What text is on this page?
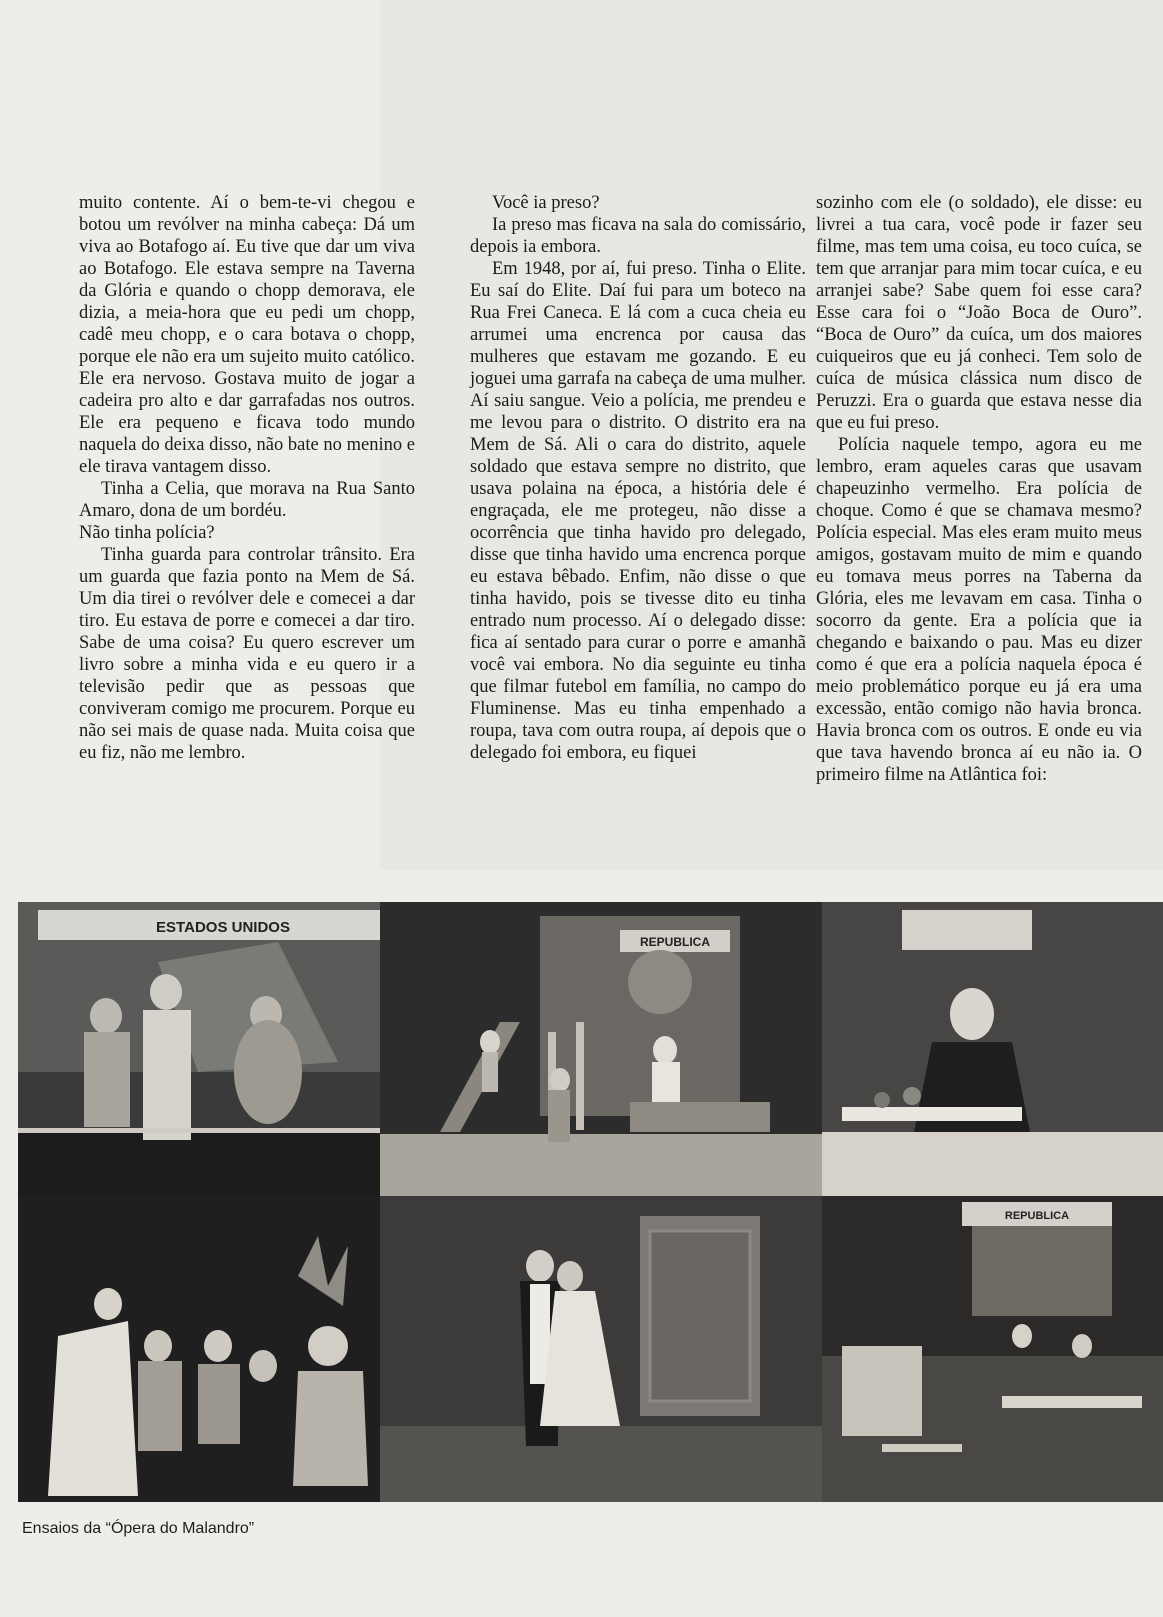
muito contente. Aí o bem-te-vi chegou e botou um revólver na minha cabeça: Dá um viva ao Botafogo aí. Eu tive que dar um viva ao Botafogo. Ele estava sempre na Taverna da Glória e quando o chopp demorava, ele dizia, a meia-hora que eu pedi um chopp, cadê meu chopp, e o cara botava o chopp, porque ele não era um sujeito muito católico. Ele era nervoso. Gostava muito de jogar a cadeira pro alto e dar garrafadas nos outros. Ele era pequeno e ficava todo mundo naquela do deixa disso, não bate no menino e ele tirava vantagem disso.

Tinha a Celia, que morava na Rua Santo Amaro, dona de um bordéu.

Não tinha polícia?

Tinha guarda para controlar trânsito. Era um guarda que fazia ponto na Mem de Sá. Um dia tirei o revólver dele e comecei a dar tiro. Eu estava de porre e comecei a dar tiro. Sabe de uma coisa? Eu quero escrever um livro sobre a minha vida e eu quero ir a televisão pedir que as pessoas que conviveram comigo me procurem. Porque eu não sei mais de quase nada. Muita coisa que eu fiz, não me lembro.

Você ia preso?

Ia preso mas ficava na sala do comissário, depois ia embora.

Em 1948, por aí, fui preso. Tinha o Elite. Eu saí do Elite. Daí fui para um boteco na Rua Frei Caneca. E lá com a cuca cheia eu arrumei uma encrenca por causa das mulheres que estavam me gozando. E eu joguei uma garrafa na cabeça de uma mulher. Aí saiu sangue. Veio a polícia, me prendeu e me levou para o distrito. O distrito era na Mem de Sá. Ali o cara do distrito, aquele soldado que estava sempre no distrito, que usava polaina na época, a história dele é engraçada, ele me protegeu, não disse a ocorrência que tinha havido pro delegado, disse que tinha havido uma encrenca porque eu estava bêbado. Enfim, não disse o que tinha havido, pois se tivesse dito eu tinha entrado num processo. Aí o delegado disse: fica aí sentado para curar o porre e amanhã você vai embora. No dia seguinte eu tinha que filmar futebol em família, no campo do Fluminense. Mas eu tinha empenhado a roupa, tava com outra roupa, aí depois que o delegado foi embora, eu fiquei

sozinho com ele (o soldado), ele disse: eu livrei a tua cara, você pode ir fazer seu filme, mas tem uma coisa, eu toco cuíca, se tem que arranjar para mim tocar cuíca, e eu arranjei sabe? Sabe quem foi esse cara? Esse cara foi o “João Boca de Ouro”. “Boca de Ouro” da cuíca, um dos maiores cuiqueiros que eu já conheci. Tem solo de cuíca de música clássica num disco de Peruzzi. Era o guarda que estava nesse dia que eu fui preso.

Polícia naquele tempo, agora eu me lembro, eram aqueles caras que usavam chapeuzinho vermelho. Era polícia de choque. Como é que se chamava mesmo? Polícia especial. Mas eles eram muito meus amigos, gostavam muito de mim e quando eu tomava meus porres na Taberna da Glória, eles me levavam em casa. Tinha o socorro da gente. Era a polícia que ia chegando e baixando o pau. Mas eu dizer como é que era a polícia naquela época é meio problemático porque eu já era uma excessão, então comigo não havia bronca. Havia bronca com os outros. E onde eu via que tava havendo bronca aí eu não ia. O primeiro filme na Atlântica foi:

ESTADOS UNIDOS
REPUBLICA
REPUBLICA
Ensaios da “Ópera do Malandro”
